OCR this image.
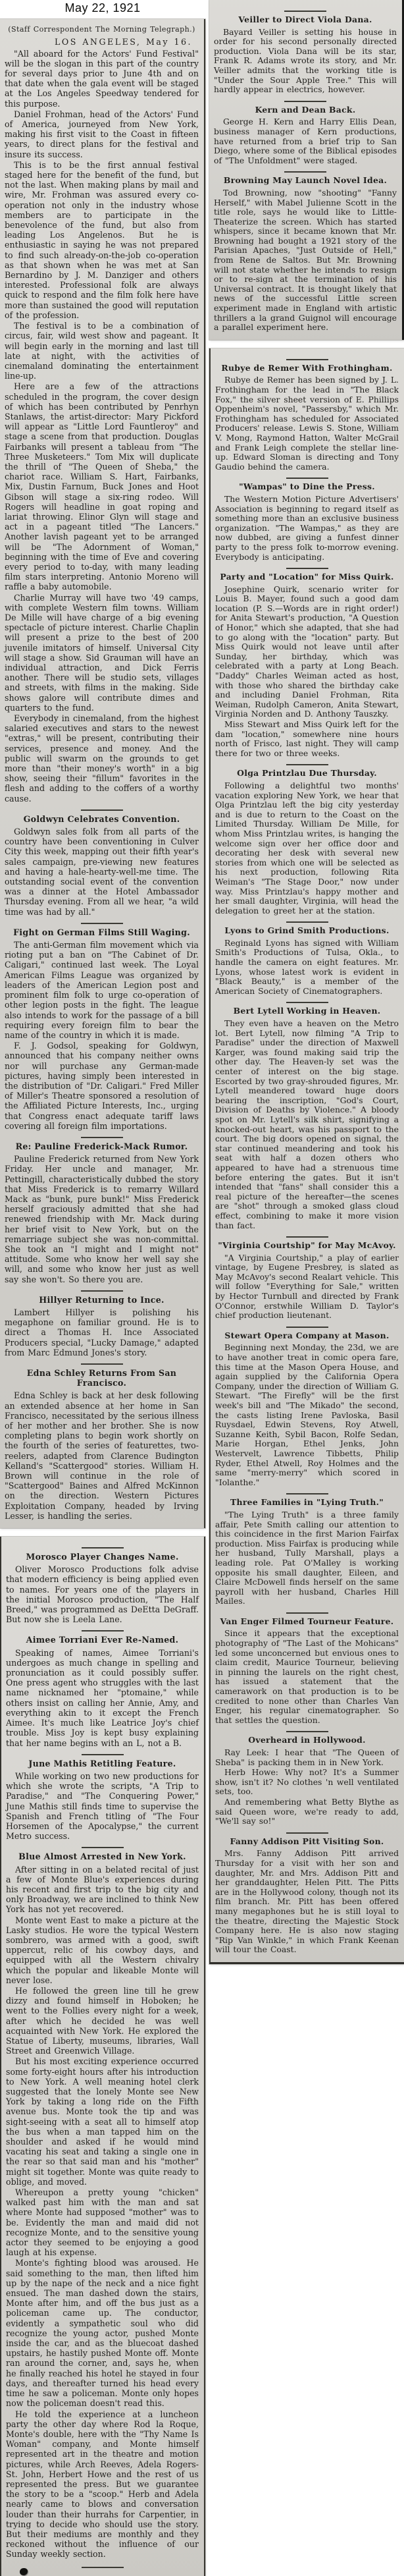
May 22, 1921

(Staff Correspondent The Morning Telegraph.)

LOS ANGELES, May 16.

"All aboard for the Actors' Fund Festival" will be the slogan in this part of the country for several days prior to June 4th and on that date when the gala event will be staged at the Los Angeles Speedway tendered for this purpose.

Daniel Frohman, head of the Actors' Fund of America, journeyed from New York, making his first visit to the Coast in fifteen years, to direct plans for the festival and insure its success.

This is to be the first annual festival staged here for the benefit of the fund, but not the last. When making plans by mail and wire, Mr. Frohman was assured every co-operation not only in the industry whose members are to participate in the benevolence of the fund, but also from leading Los Angelenos. But he is enthusiastic in saying he was not prepared to find such already-on-the-job co-operation as that shown when he was met at San Bernardino by J. M. Danziger and others interested. Professional folk are always quick to respond and the film folk here have more than sustained the good will reputation of the profession.

The festival is to be a combination of circus, fair, wild west show and pageant. It will begin early in the morning and last till late at night, with the activities of cinemaland dominating the entertainment line-up.

Here are a few of the attractions scheduled in the program, the cover design of which has been contributed by Penrhyn Stanlaws, the artist-director: Mary Pickford will appear as "Little Lord Fauntleroy" and stage a scene from that production. Douglas Fairbanks will present a tableau from "The Three Musketeers." Tom Mix will duplicate the thrill of "The Queen of Sheba," the chariot race. William S. Hart, Fairbanks, Mix, Dustin Farnum, Buck Jones and Hoot Gibson will stage a six-ring rodeo. Will Rogers will headline in goat roping and lariat throwing. Elinor Glyn will stage and act in a pageant titled "The Lancers." Another lavish pageant yet to be arranged will be "The Adornment of Woman," beginning with the time of Eve and covering every period to to-day, with many leading film stars interpreting. Antonio Moreno will raffle a baby automobile.

Charlie Murray will have two '49 camps, with complete Western film towns. William De Mille will have charge of a big evening spectacle of picture interest. Charlie Chaplin will present a prize to the best of 200 juvenile imitators of himself. Universal City will stage a show. Sid Grauman will have an individual attraction, and Dick Ferris another. There will be studio sets, villages and streets, with films in the making. Side shows galore will contribute dimes and quarters to the fund.

Everybody in cinemaland, from the highest salaried executives and stars to the newest "extras," will be present, contributing their services, presence and money. And the public will swarm on the grounds to get more than "their money's worth" in a big show, seeing their "fillum" favorites in the flesh and adding to the coffers of a worthy cause.

Goldwyn Celebrates Convention.

Goldwyn sales folk from all parts of the country have been conventioning in Culver City this week, mapping out their fifth year's sales campaign, pre-viewing new features and having a hale-hearty-well-me time. The outstanding social event of the convention was a dinner at the Hotel Ambassador Thursday evening. From all we hear, "a wild time was had by all."

Fight on German Films Still Waging.

The anti-German film movement which via rioting put a ban on "The Cabinet of Dr. Caligari," continued last week. The Loyal American Films League was organized by leaders of the American Legion post and prominent film folk to urge co-operation of other legion posts in the fight. The league also intends to work for the passage of a bill requiring every foreign film to bear the name of the country in which it is made.

F. J. Godsol, speaking for Goldwyn, announced that his company neither owns nor will purchase any German-made pictures, having simply been interested in the distribution of "Dr. Caligari." Fred Miller of Miller's Theatre sponsored a resolution of the Affiliated Picture Interests, Inc., urging that Congress enact adequate tariff laws covering all foreign film importations.

Re: Pauline Frederick-Mack Rumor.

Pauline Frederick returned from New York Friday. Her uncle and manager, Mr. Pettingill, characteristically dubbed the story that Miss Frederick is to remarry Willard Mack as "bunk, pure bunk!" Miss Frederick herself graciously admitted that she had renewed friendship with Mr. Mack during her brief visit to New York, but on the remarriage subject she was non-committal. She took an "I might and I might not" attitude. Some who know her well say she will, and some who know her just as well say she won't. So there you are.

Hillyer Returning to Ince.

Lambert Hillyer is polishing his megaphone on familiar ground. He is to direct a Thomas H. Ince Associated Producers special, "Lucky Damage," adapted from Marc Edmund Jones's story.

Edna Schley Returns From San Francisco.

Edna Schley is back at her desk following an extended absence at her home in San Francisco, necessitated by the serious illness of her mother and her brother. She is now completing plans to begin work shortly on the fourth of the series of featurettes, two-reelers, adapted from Clarence Budington Kelland's "Scattergood" stories. William H. Brown will continue in the role of "Scattergood" Baines and Alfred McKinnon on the direction. Western Pictures Exploitation Company, headed by Irving Lesser, is handling the series.

Morosco Player Changes Name.

Oliver Morosco Productions folk advise that modern efficiency is being applied even to names. For years one of the players in the initial Morosco production, "The Half Breed," was programmed as DeEtta DeGraff. But now she is Leela Lane.

Aimee Torriani Ever Re-Named.

Speaking of names, Aimee Torriani's undergoes as much change in spelling and pronunciation as it could possibly suffer. One press agent who struggles with the last name nicknamed her "ptomaine," while others insist on calling her Annie, Amy, and everything akin to it except the French Aimee. It's much like Leatrice Joy's chief trouble. Miss Joy is kept busy explaining that her name begins with an L, not a B.

June Mathis Retitling Feature.

While working on two new productions for which she wrote the scripts, "A Trip to Paradise," and "The Conquering Power," June Mathis still finds time to supervise the Spanish and French titling of "The Four Horsemen of the Apocalypse," the current Metro success.

Blue Almost Arrested in New York.

After sitting in on a belated recital of just a few of Monte Blue's experiences during his recent and first trip to the big city and only Broadway, we are inclined to think New York has not yet recovered.

Monte went East to make a picture at the Lasky studios. He wore the typical Western sombrero, was armed with a good, swift uppercut, relic of his cowboy days, and equipped with all the Western chivalry which the popular and likeable Monte will never lose.

He followed the green line till he grew dizzy and found himself in Hoboken; he went to the Follies every night for a week, after which he decided he was well acquainted with New York. He explored the Statue of Liberty, museums, libraries, Wall Street and Greenwich Village.

But his most exciting experience occurred some forty-eight hours after his introduction to New York. A well meaning hotel clerk suggested that the lonely Monte see New York by taking a long ride on the Fifth avenue bus. Monte took the tip and was sight-seeing with a seat all to himself atop the bus when a man tapped him on the shoulder and asked if he would mind vacating his seat and taking a single one in the rear so that said man and his "mother" might sit together. Monte was quite ready to oblige, and moved.

Whereupon a pretty young "chicken" walked past him with the man and sat where Monte had supposed "mother" was to be. Evidently the man and maid did not recognize Monte, and to the sensitive young actor they seemed to be enjoying a good laugh at his expense.

Monte's fighting blood was aroused. He said something to the man, then lifted him up by the nape of the neck and a nice fight ensued. The man dashed down the stairs, Monte after him, and off the bus just as a policeman came up. The conductor, evidently a sympathetic soul who did recognize the young actor, pushed Monte inside the car, and as the bluecoat dashed upstairs, he hastily pushed Monte off. Monte ran around the corner, and, says he, when he finally reached his hotel he stayed in four days, and thereafter turned his head every time he saw a policeman. Monte only hopes now the policeman doesn't read this.

He told the experience at a luncheon party the other day where Rod la Roque, Monte's double, here with the "Thy Name Is Woman" company, and Monte himself represented art in the theatre and motion pictures, while Arch Reeves, Adela Rogers-St. John, Herbert Howe and the rest of us represented the press. But we guarantee the story to be a "scoop." Herb and Adela nearly came to blows and conversation louder than their hurrahs for Carpentier, in trying to decide who should use the story. But their mediums are monthly and they reckoned without the influence of our Sunday weekly section.

Veiller to Direct Viola Dana.

Bayard Veiller is setting his house in order for his second personally directed production. Viola Dana will be its star, Frank R. Adams wrote its story, and Mr. Veiller admits that the working title is "Under the Sour Apple Tree." This will hardly appear in electrics, however.

Kern and Dean Back.

George H. Kern and Harry Ellis Dean, business manager of Kern productions, have returned from a brief trip to San Diego, where some of the Biblical episodes of "The Unfoldment" were staged.

Browning May Launch Novel Idea.

Tod Browning, now "shooting" "Fanny Herself," with Mabel Julienne Scott in the title role, says he would like to Little-Theaterize the screen. Which has started whispers, since it became known that Mr. Browning had bought a 1921 story of the Parisian Apaches, "Just Outside of Hell," from Rene de Saltos. But Mr. Browning will not state whether he intends to resign or to re-sign at the termination of his Universal contract. It is thought likely that news of the successful Little screen experiment made in England with artistic thrillers a la grand Guignol will encourage a parallel experiment here.

Rubye de Remer With Frothingham.

Rubye de Remer has been signed by J. L. Frothingham for the lead in "The Black Fox," the silver sheet version of E. Phillips Oppenheim's novel, "Passersby," which Mr. Frothingham has scheduled for Associated Producers' release. Lewis S. Stone, William V. Mong, Raymond Hatton, Walter McGrail and Frank Leigh complete the stellar line-up. Edward Sloman is directing and Tony Gaudio behind the camera.

"Wampas" to Dine the Press.

The Western Motion Picture Advertisers' Association is beginning to regard itself as something more than an exclusive business organization. "The Wampas," as they are now dubbed, are giving a funfest dinner party to the press folk to-morrow evening. Everybody is anticipating.

Party and "Location" for Miss Quirk.

Josephine Quirk, scenario writer for Louis B. Mayer, found such a good dam location (P. S.—Words are in right order!) for Anita Stewart's production, "A Question of Honor," which she adapted, that she had to go along with the "location" party. But Miss Quirk would not leave until after Sunday, her birthday, which was celebrated with a party at Long Beach. "Daddy" Charles Weiman acted as host, with those who shared the birthday cake and including Daniel Frohman, Rita Weiman, Rudolph Cameron, Anita Stewart, Virginia Norden and D. Anthony Tauszky.

Miss Stewart and Miss Quirk left for the dam "location," somewhere nine hours north of Frisco, last night. They will camp there for two or three weeks.

Olga Printzlau Due Thursday.

Following a delightful two months' vacation exploring New York, we hear that Olga Printzlau left the big city yesterday and is due to return to the Coast on the Limited Thursday. William De Mille, for whom Miss Printzlau writes, is hanging the welcome sign over her office door and decorating her desk with several new stories from which one will be selected as his next production, following Rita Weiman's "The Stage Door," now under way. Miss Printzlau's happy mother and her small daughter, Virginia, will head the delegation to greet her at the station.

Lyons to Grind Smith Productions.

Reginald Lyons has signed with William Smith's Productions of Tulsa, Okla., to handle the camera on eight features. Mr. Lyons, whose latest work is evident in "Black Beauty," is a member of the American Society of Cinematographers.

Bert Lytell Working in Heaven.

They even have a heaven on the Metro lot. Bert Lytell, now filming "A Trip to Paradise" under the direction of Maxwell Karger, was found making said trip the other day. The Heaven-ly set was the center of interest on the big stage. Escorted by two gray-shrouded figures, Mr. Lytell meandered toward huge doors bearing the inscription, "God's Court, Division of Deaths by Violence." A bloody spot on Mr. Lytell's silk shirt, signifying a knocked-out heart, was his passport to the court. The big doors opened on signal, the star continued meandering and took his seat with half a dozen others who appeared to have had a strenuous time before entering the gates. But it isn't intended that "fans" shall consider this a real picture of the hereafter—the scenes are "shot" through a smoked glass cloud effect, combining to make it more vision than fact.

"Virginia Courtship" for May McAvoy.

"A Virginia Courtship," a play of earlier vintage, by Eugene Presbrey, is slated as May McAvoy's second Realart vehicle. This will follow "Everything for Sale," written by Hector Turnbull and directed by Frank O'Connor, erstwhile William D. Taylor's chief production lieutenant.

Stewart Opera Company at Mason.

Beginning next Monday, the 23d, we are to have another treat in comic opera fare, this time at the Mason Opera House, and again supplied by the California Opera Company, under the direction of William G. Stewart. "The Firefly" will be the first week's bill and "The Mikado" the second, the casts listing Irene Pavloska, Basil Ruysdael, Edwin Stevens, Roy Atwell, Suzanne Keith, Sybil Bacon, Rolfe Sedan, Marie Horgan, Ethel Jenks, John Westervelt, Lawrence Tibbetts, Philip Ryder, Ethel Atwell, Roy Holmes and the same "merry-merry" which scored in "Iolanthe."

Three Families in "Lying Truth."

"The Lying Truth" is a three family affair, Pete Smith calling our attention to this coincidence in the first Marion Fairfax production. Miss Fairfax is producing while her husband, Tully Marshall, plays a leading role. Pat O'Malley is working opposite his small daughter, Eileen, and Claire McDowell finds herself on the same payroll with her husband, Charles Hill Mailes.

Van Enger Filmed Tourneur Feature.

Since it appears that the exceptional photography of "The Last of the Mohicans" led some unconcerned but envious ones to claim credit, Maurice Tourneur, believing in pinning the laurels on the right chest, has issued a statement that the camerawork on that production is to be credited to none other than Charles Van Enger, his regular cinematographer. So that settles the question.

Overheard in Hollywood.

Ray Leek: I hear that "The Queen of Sheba" is packing them in in New York.

Herb Howe: Why not? It's a Summer show, isn't it? No clothes 'n well ventilated sets, too.

And remembering what Betty Blythe as said Queen wore, we're ready to add, "We'll say so!"

Fanny Addison Pitt Visiting Son.

Mrs. Fanny Addison Pitt arrived Thursday for a visit with her son and daughter, Mr. and Mrs. Addison Pitt and her granddaughter, Helen Pitt. The Pitts are in the Hollywood colony, though not its film branch. Mr. Pitt has been offered many megaphones but he is still loyal to the theatre, directing the Majestic Stock Company here. He is also now staging "Rip Van Winkle," in which Frank Keenan will tour the Coast.
